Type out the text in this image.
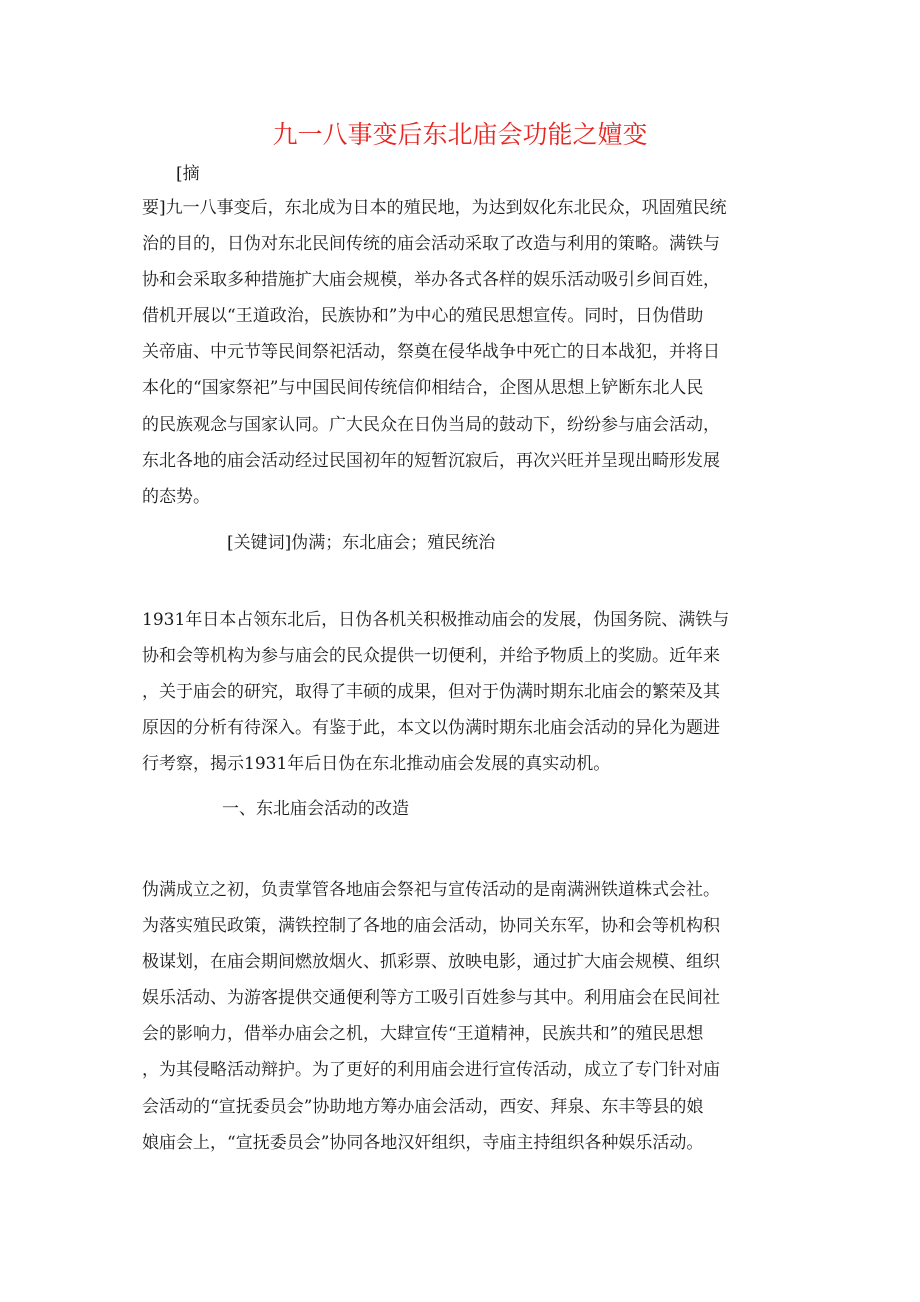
九一八事变后东北庙会功能之嬗变

[摘

要]九一八事变后，东北成为日本的殖民地，为达到奴化东北民众，巩固殖民统
治的目的，日伪对东北民间传统的庙会活动采取了改造与利用的策略。满铁与
协和会采取多种措施扩大庙会规模，举办各式各样的娱乐活动吸引乡间百姓，
借机开展以“王道政治，民族协和”为中心的殖民思想宣传。同时，日伪借助
关帝庙、中元节等民间祭祀活动，祭奠在侵华战争中死亡的日本战犯，并将日
本化的“国家祭祀”与中国民间传统信仰相结合，企图从思想上铲断东北人民
的民族观念与国家认同。广大民众在日伪当局的鼓动下，纷纷参与庙会活动，
东北各地的庙会活动经过民国初年的短暂沉寂后，再次兴旺并呈现出畸形发展
的态势。

[关键词]伪满；东北庙会；殖民统治

1931年日本占领东北后，日伪各机关积极推动庙会的发展，伪国务院、满铁与
协和会等机构为参与庙会的民众提供一切便利，并给予物质上的奖励。近年来
，关于庙会的研究，取得了丰硕的成果，但对于伪满时期东北庙会的繁荣及其
原因的分析有待深入。有鉴于此，本文以伪满时期东北庙会活动的异化为题进
行考察，揭示1931年后日伪在东北推动庙会发展的真实动机。

一、东北庙会活动的改造

伪满成立之初，负责掌管各地庙会祭祀与宣传活动的是南满洲铁道株式会社。
为落实殖民政策，满铁控制了各地的庙会活动，协同关东军，协和会等机构积
极谋划，在庙会期间燃放烟火、抓彩票、放映电影，通过扩大庙会规模、组织
娱乐活动、为游客提供交通便利等方工吸引百姓参与其中。利用庙会在民间社
会的影响力，借举办庙会之机，大肆宣传“王道精神，民族共和”的殖民思想
，为其侵略活动辩护。为了更好的利用庙会进行宣传活动，成立了专门针对庙
会活动的“宣抚委员会”协助地方筹办庙会活动，西安、拜泉、东丰等县的娘
娘庙会上，“宣抚委员会”协同各地汉奸组织，寺庙主持组织各种娱乐活动。
